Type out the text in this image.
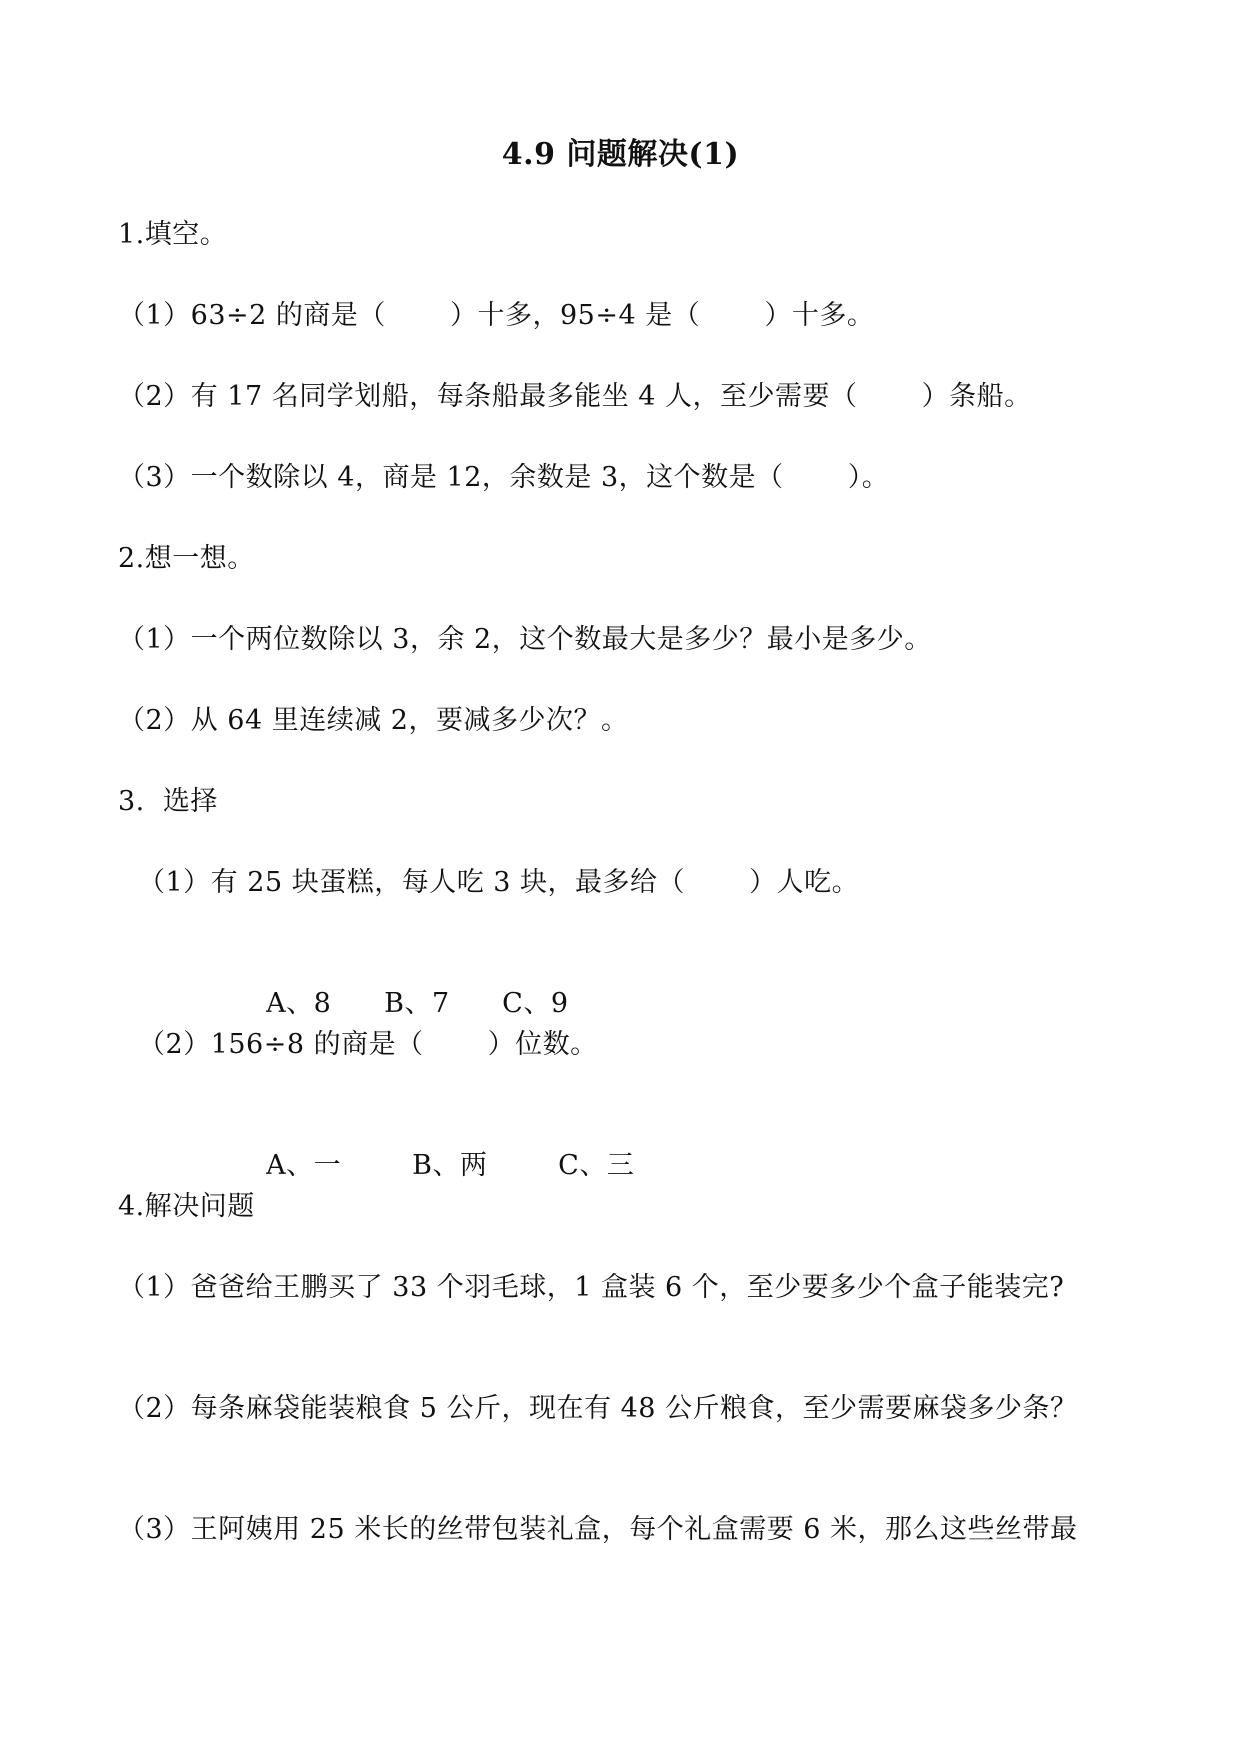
4.9 问题解决(1)
1.填空。
（1）63÷2 的商是（　　 ）十多，95÷4 是（　　 ）十多。
（2）有 17 名同学划船，每条船最多能坐 4 人，至少需要（　　 ）条船。
（3）一个数除以 4，商是 12，余数是 3，这个数是（　　 ）。
2.想一想。
（1）一个两位数除以 3，余 2，这个数最大是多少？最小是多少。
（2）从 64 里连续减 2，要减多少次？。
3.  选择
（1）有 25 块蛋糕，每人吃 3 块，最多给（　　 ）人吃。

A、8 B、7 C、9

（2）156÷8 的商是（　　 ）位数。

A、一	B、两	C、三

4.解决问题
（1）爸爸给王鹏买了 33 个羽毛球，1 盒装 6 个，至少要多少个盒子能装完?
（2）每条麻袋能装粮食 5 公斤，现在有 48 公斤粮食，至少需要麻袋多少条？
（3）王阿姨用 25 米长的丝带包装礼盒，每个礼盒需要 6 米，那么这些丝带最
